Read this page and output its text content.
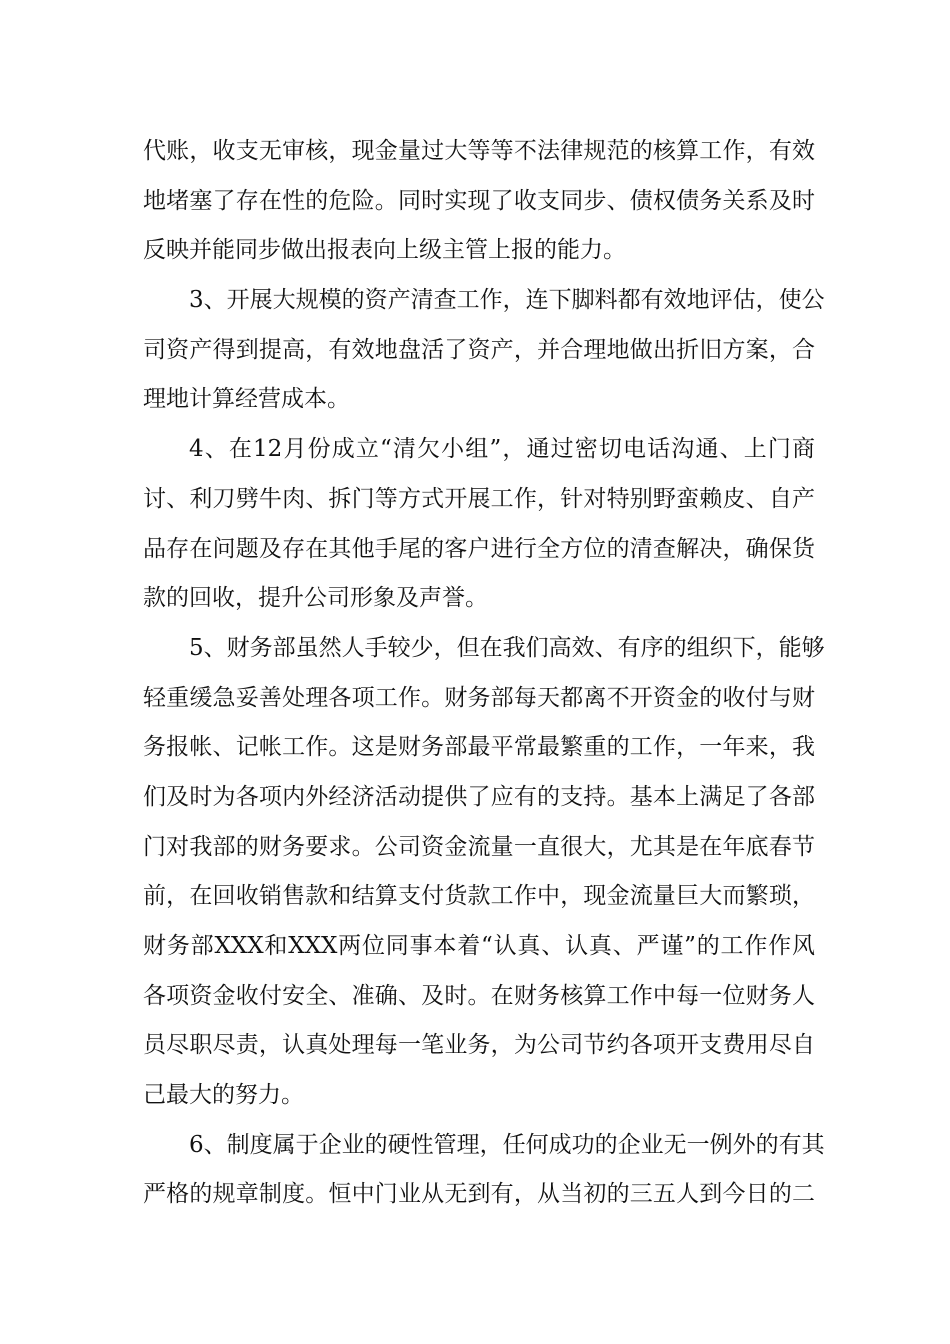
代账，收支无审核，现金量过大等等不法律规范的核算工作，有效
地堵塞了存在性的危险。同时实现了收支同步、债权债务关系及时
反映并能同步做出报表向上级主管上报的能力。
3、开展大规模的资产清查工作，连下脚料都有效地评估，使公
司资产得到提高，有效地盘活了资产，并合理地做出折旧方案，合
理地计算经营成本。
4、在12月份成立“清欠小组”，通过密切电话沟通、上门商
讨、利刀劈牛肉、拆门等方式开展工作，针对特别野蛮赖皮、自产
品存在问题及存在其他手尾的客户进行全方位的清查解决，确保货
款的回收，提升公司形象及声誉。
5、财务部虽然人手较少，但在我们高效、有序的组织下，能够
轻重缓急妥善处理各项工作。财务部每天都离不开资金的收付与财
务报帐、记帐工作。这是财务部最平常最繁重的工作，一年来，我
们及时为各项内外经济活动提供了应有的支持。基本上满足了各部
门对我部的财务要求。公司资金流量一直很大，尤其是在年底春节
前，在回收销售款和结算支付货款工作中，现金流量巨大而繁琐，
财务部XXX和XXX两位同事本着“认真、认真、严谨”的工作作风
各项资金收付安全、准确、及时。在财务核算工作中每一位财务人
员尽职尽责，认真处理每一笔业务，为公司节约各项开支费用尽自
己最大的努力。
6、制度属于企业的硬性管理，任何成功的企业无一例外的有其
严格的规章制度。恒中门业从无到有，从当初的三五人到今日的二
